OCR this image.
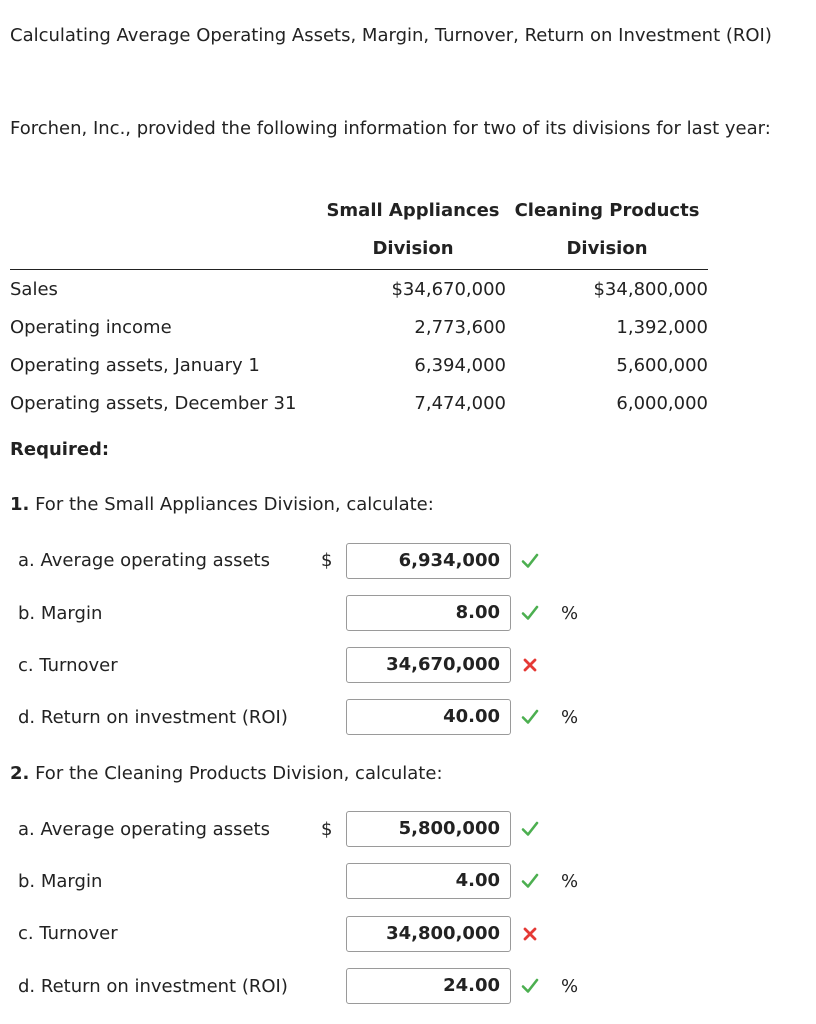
Calculating Average Operating Assets, Margin, Turnover, Return on Investment (ROI)
Forchen, Inc., provided the following information for two of its divisions for last year:
Small Appliances Cleaning Products
Division	Division
Sales	$34,670,000	$34,800,000
Operating income	2,773,600	1,392,000
Operating assets, January 1	6,394,000	5,600,000
Operating assets, December 31	7,474,000	6,000,000
Required:
1. For the Small Appliances Division, calculate:
a. Average operating assets	$	6,934,000
b. Margin	8.00	%
c. Turnover	34,670,000
d. Return on investment (ROI)	40.00	%
2. For the Cleaning Products Division, calculate:
a. Average operating assets	$	5,800,000
b. Margin	4.00	%
c. Turnover	34,800,000
d. Return on investment (ROI)	24.00	%
